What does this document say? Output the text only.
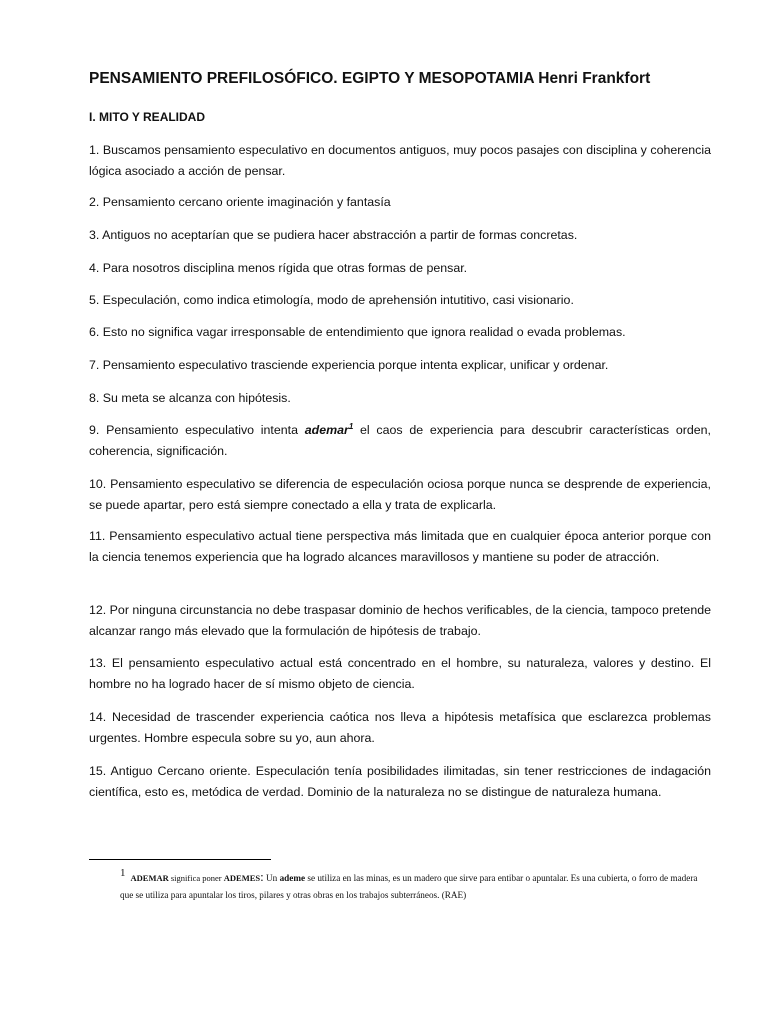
PENSAMIENTO PREFILOSÓFICO. EGIPTO Y MESOPOTAMIA Henri Frankfort
I. MITO Y REALIDAD
1. Buscamos pensamiento especulativo en documentos antiguos, muy pocos pasajes con disciplina y coherencia lógica asociado a acción de pensar.
2. Pensamiento cercano oriente imaginación y fantasía
3. Antiguos no aceptarían que se pudiera hacer abstracción a partir de formas concretas.
4. Para nosotros disciplina menos rígida que otras formas de pensar.
5. Especulación, como indica etimología, modo de aprehensión intutitivo, casi visionario.
6. Esto no significa vagar irresponsable de entendimiento que ignora realidad o evada problemas.
7. Pensamiento especulativo trasciende experiencia porque intenta explicar, unificar y ordenar.
8. Su meta se alcanza con hipótesis.
9. Pensamiento especulativo intenta ademar$^1$ el caos de experiencia para descubrir características orden, coherencia, significación.
10. Pensamiento especulativo se diferencia de especulación ociosa porque nunca se desprende de experiencia, se puede apartar, pero está siempre conectado a ella y trata de explicarla.
11. Pensamiento especulativo actual tiene perspectiva más limitada que en cualquier época anterior porque con la ciencia tenemos experiencia que ha logrado alcances maravillosos y mantiene su poder de atracción.
12. Por ninguna circunstancia no debe traspasar dominio de hechos verificables, de la ciencia, tampoco pretende alcanzar rango más elevado que la formulación de hipótesis de trabajo.
13. El pensamiento especulativo actual está concentrado en el hombre, su naturaleza, valores y destino. El hombre no ha logrado hacer de sí mismo objeto de ciencia.
14. Necesidad de trascender experiencia caótica nos lleva a hipótesis metafísica que esclarezca problemas urgentes. Hombre especula sobre su yo, aun ahora.
15. Antiguo Cercano oriente. Especulación tenía posibilidades ilimitadas, sin tener restricciones de indagación científica, esto es, metódica de verdad. Dominio de la naturaleza no se distingue de naturaleza humana.
1 ADEMAR significa poner ADEMES: Un ademe se utiliza en las minas, es un madero que sirve para entibar o apuntalar. Es una cubierta, o forro de madera que se utiliza para apuntalar los tiros, pilares y otras obras en los trabajos subterráneos. (RAE)
